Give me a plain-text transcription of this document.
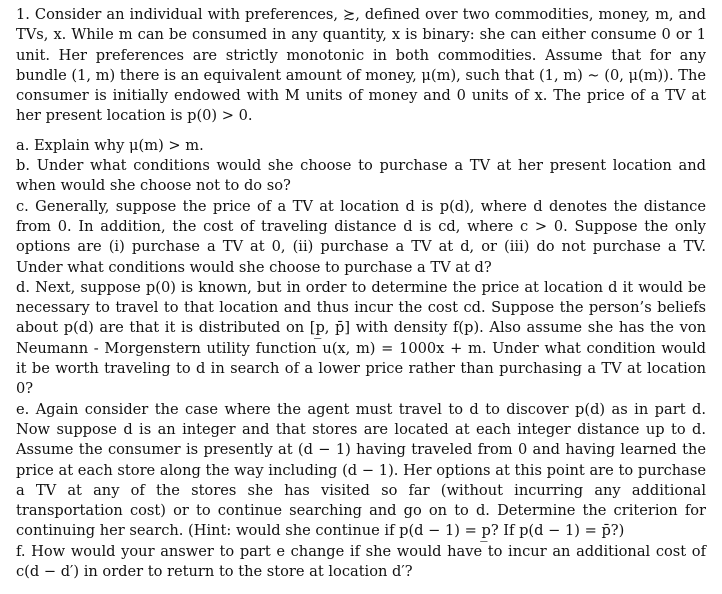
1. Consider an individual with preferences, ≿, defined over two commodities, money, m, and TVs, x. While m can be consumed in any quantity, x is binary: she can either consume 0 or 1 unit. Her preferences are strictly monotonic in both commodities. Assume that for any bundle (1, m) there is an equivalent amount of money, μ(m), such that (1, m) ∼ (0, μ(m)). The consumer is initially endowed with M units of money and 0 units of x. The price of a TV at her present location is p(0) > 0.

a. Explain why μ(m) > m.

b. Under what conditions would she choose to purchase a TV at her present location and when would she choose not to do so?

c. Generally, suppose the price of a TV at location d is p(d), where d denotes the distance from 0. In addition, the cost of traveling distance d is cd, where c > 0. Suppose the only options are (i) purchase a TV at 0, (ii) purchase a TV at d, or (iii) do not purchase a TV. Under what conditions would she choose to purchase a TV at d?

d. Next, suppose p(0) is known, but in order to determine the price at location d it would be necessary to travel to that location and thus incur the cost cd. Suppose the person’s beliefs about p(d) are that it is distributed on [p̲, p̄] with density f(p). Also assume she has the von Neumann - Morgenstern utility function u(x, m) = 1000x + m. Under what condition would it be worth traveling to d in search of a lower price rather than purchasing a TV at location 0?

e. Again consider the case where the agent must travel to d to discover p(d) as in part d. Now suppose d is an integer and that stores are located at each integer distance up to d. Assume the consumer is presently at (d − 1) having traveled from 0 and having learned the price at each store along the way including (d − 1). Her options at this point are to purchase a TV at any of the stores she has visited so far (without incurring any additional transportation cost) or to continue searching and go on to d. Determine the criterion for continuing her search. (Hint: would she continue if p(d − 1) = p̲? If p(d − 1) = p̄?)

f. How would your answer to part e change if she would have to incur an additional cost of c(d − d′) in order to return to the store at location d′?
